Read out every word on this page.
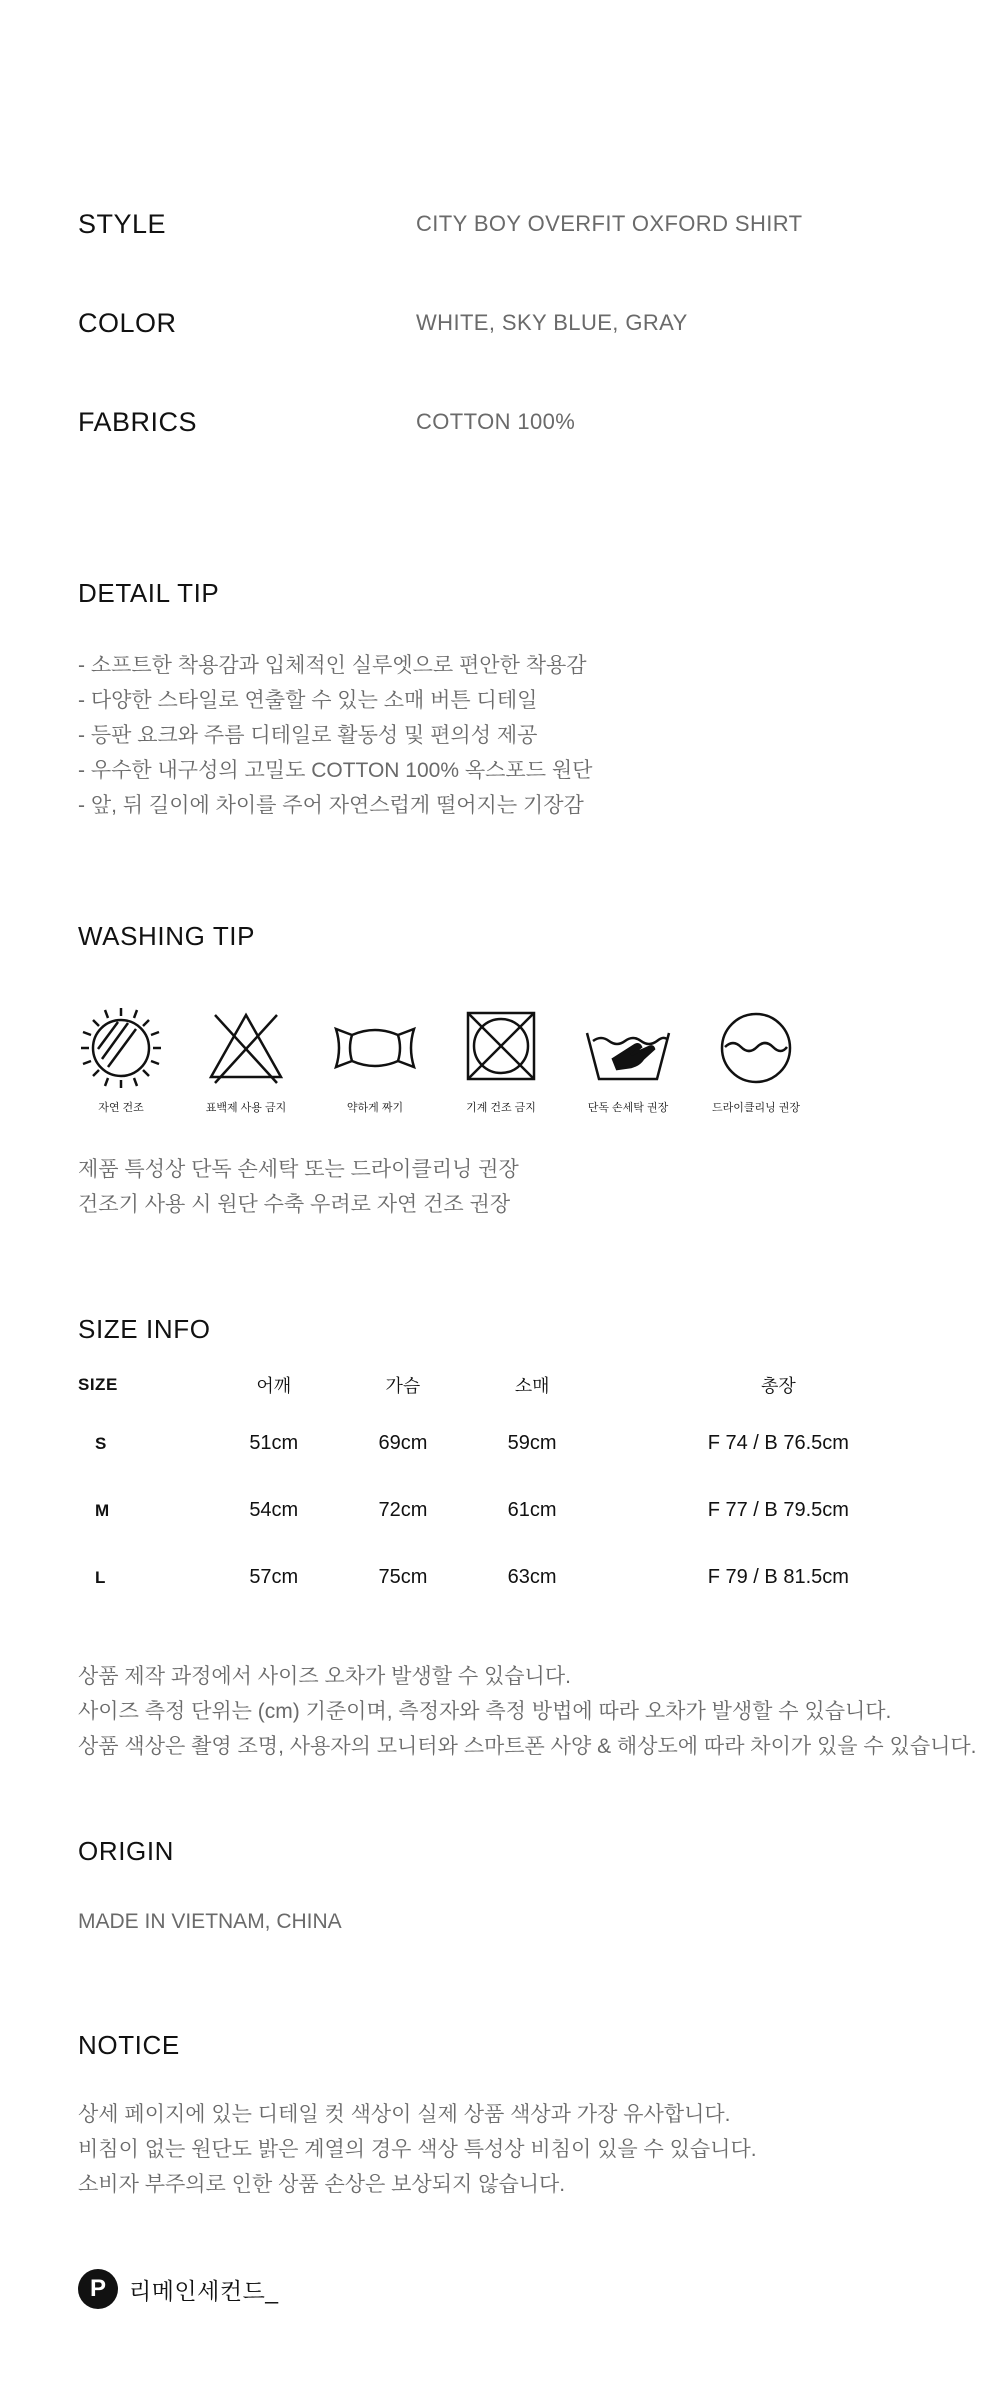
STYLE	CITY BOY OVERFIT OXFORD SHIRT
COLOR	WHITE, SKY BLUE, GRAY
FABRICS	COTTON 100%
DETAIL TIP
- 소프트한 착용감과 입체적인 실루엣으로 편안한 착용감
- 다양한 스타일로 연출할 수 있는 소매 버튼 디테일
- 등판 요크와 주름 디테일로 활동성 및 편의성 제공
- 우수한 내구성의 고밀도 COTTON 100% 옥스포드 원단
- 앞, 뒤 길이에 차이를 주어 자연스럽게 떨어지는 기장감
WASHING TIP
자연 건조	표백제 사용 금지	약하게 짜기	기계 건조 금지	단독 손세탁 권장	드라이클리닝 권장
제품 특성상 단독 손세탁 또는 드라이클리닝 권장
건조기 사용 시 원단 수축 우려로 자연 건조 권장
SIZE INFO
SIZE	어깨	가슴	소매	총장
S	51cm	69cm	59cm	F 74 / B 76.5cm
M	54cm	72cm	61cm	F 77 / B 79.5cm
L	57cm	75cm	63cm	F 79 / B 81.5cm
상품 제작 과정에서 사이즈 오차가 발생할 수 있습니다.
사이즈 측정 단위는 (cm) 기준이며, 측정자와 측정 방법에 따라 오차가 발생할 수 있습니다.
상품 색상은 촬영 조명, 사용자의 모니터와 스마트폰 사양 & 해상도에 따라 차이가 있을 수 있습니다.
ORIGIN
MADE IN VIETNAM, CHINA
NOTICE
상세 페이지에 있는 디테일 컷 색상이 실제 상품 색상과 가장 유사합니다.
비침이 없는 원단도 밝은 계열의 경우 색상 특성상 비침이 있을 수 있습니다.
소비자 부주의로 인한 상품 손상은 보상되지 않습니다.
P	리메인세컨드_
